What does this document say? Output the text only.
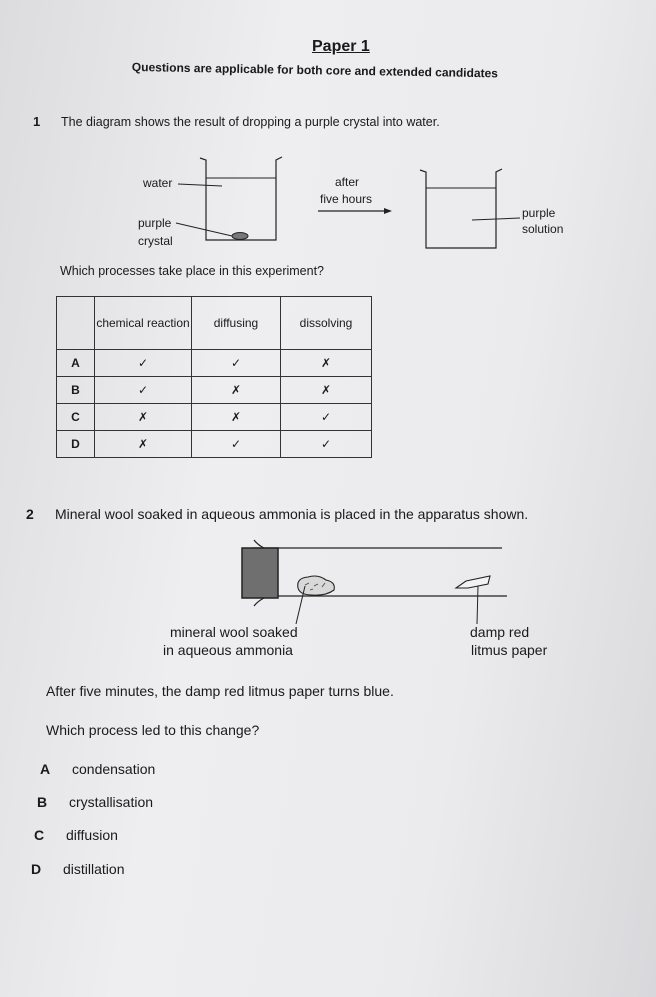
Paper 1
Questions are applicable for both core and extended candidates
1 The diagram shows the result of dropping a purple crystal into water.
water
purple
crystal
after
five hours
purple
solution
Which processes take place in this experiment?
	chemical reaction	diffusing	dissolving
A	✓	✓	✗
B	✓	✗	✗
C	✗	✗	✓
D	✗	✓	✓
2 Mineral wool soaked in aqueous ammonia is placed in the apparatus shown.
mineral wool soaked
in aqueous ammonia
damp red
litmus paper
After five minutes, the damp red litmus paper turns blue.
Which process led to this change?
A condensation
B crystallisation
C diffusion
D distillation
